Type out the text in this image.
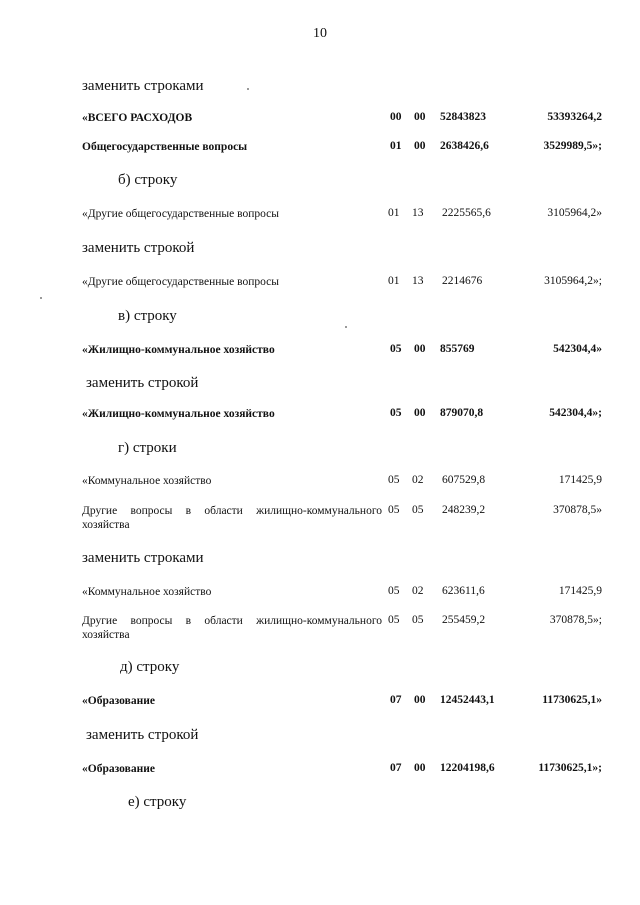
10
заменить строками
«ВСЕГО РАСХОДОВ	00	00	52843823	53393264,2
Общегосударственные вопросы	01	00	2638426,6	3529989,5»;
б) строку
«Другие общегосударственные вопросы	01	13	2225565,6	3105964,2»
заменить строкой
«Другие общегосударственные вопросы	01	13	2214676	3105964,2»;
в) строку
«Жилищно-коммунальное хозяйство	05	00	855769	542304,4»
заменить строкой
«Жилищно-коммунальное хозяйство	05	00	879070,8	542304,4»;
г) строки
«Коммунальное хозяйство	05	02	607529,8	171425,9
Другие вопросы в области жилищно-коммунального хозяйства
05	05	248239,2	370878,5»
заменить строками
«Коммунальное хозяйство	05	02	623611,6	171425,9
Другие вопросы в области жилищно-коммунального хозяйства
05	05	255459,2	370878,5»;
д) строку
«Образование	07	00	12452443,1	11730625,1»
заменить строкой
«Образование	07	00	12204198,6	11730625,1»;
е) строку
